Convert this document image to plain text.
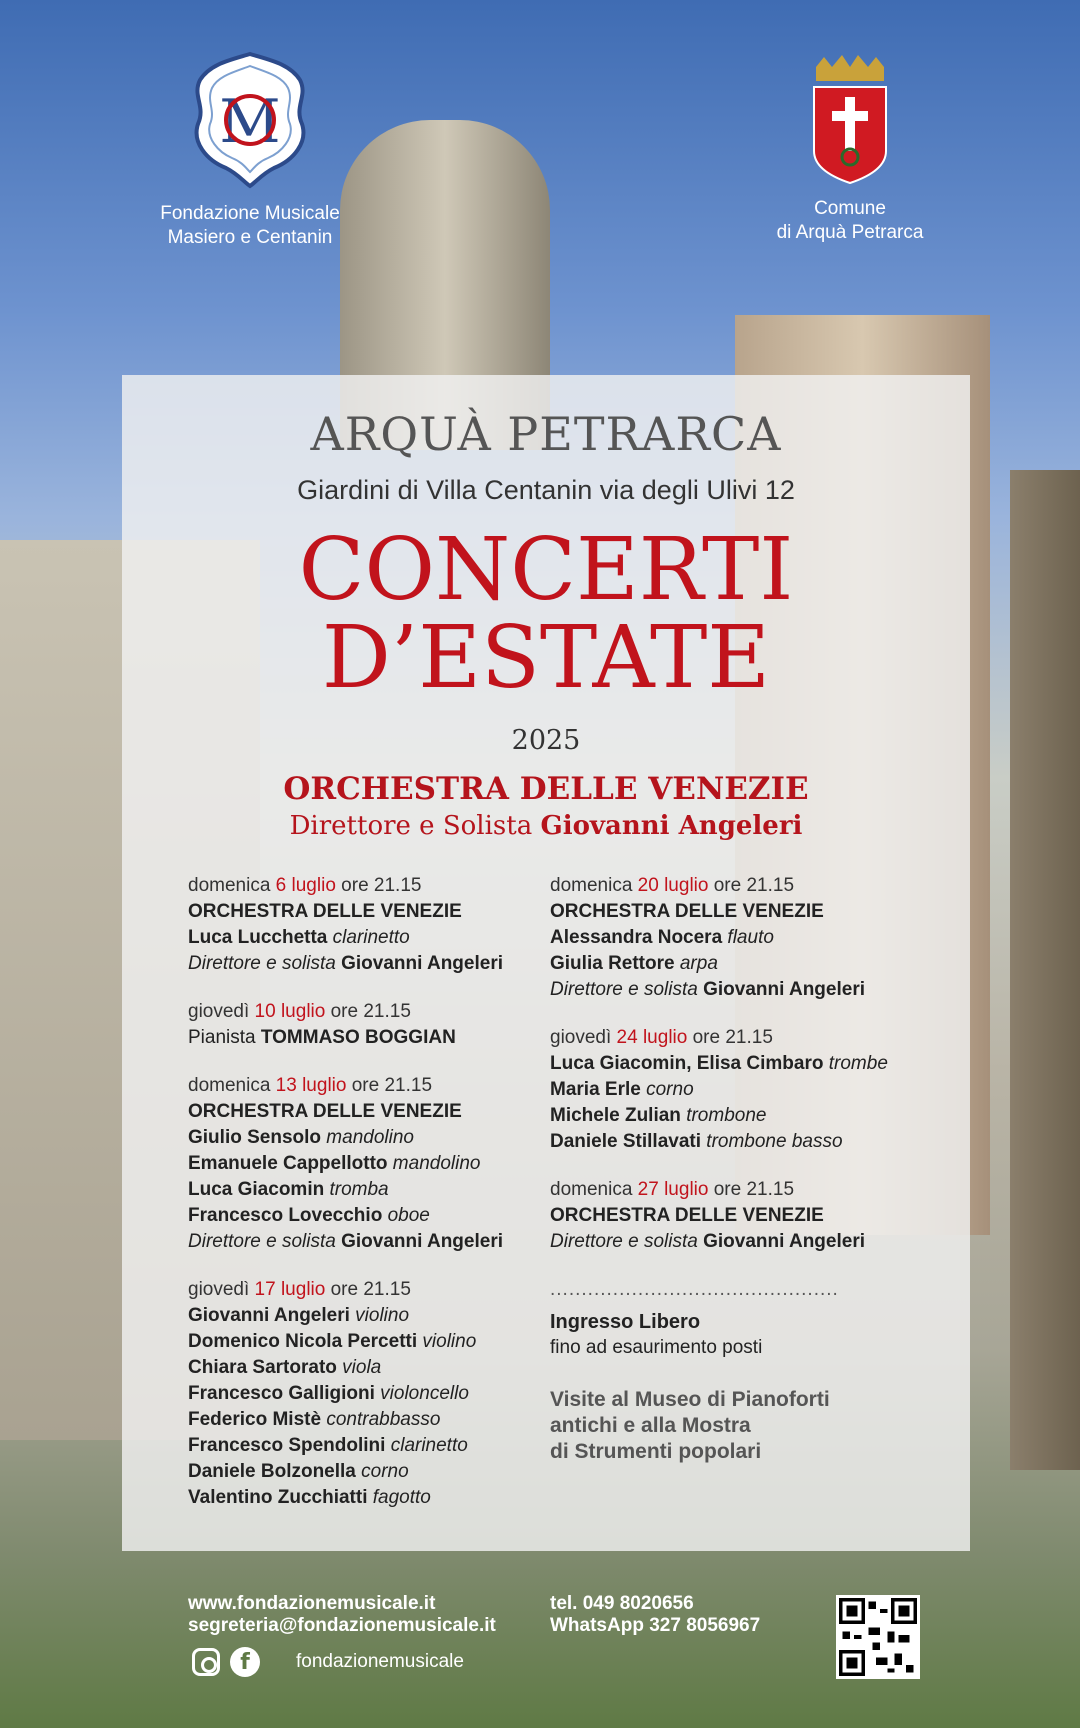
M
Fondazione Musicale
Masiero e Centanin
Comune
di Arquà Petrarca
ARQUÀ PETRARCA
Giardini di Villa Centanin via degli Ulivi 12
CONCERTI
D’ESTATE
2025
ORCHESTRA DELLE VENEZIE
Direttore e Solista Giovanni Angeleri
domenica 6 luglio ore 21.15
ORCHESTRA DELLE VENEZIE
Luca Lucchetta clarinetto
Direttore e solista Giovanni Angeleri
giovedì 10 luglio ore 21.15
Pianista TOMMASO BOGGIAN
domenica 13 luglio ore 21.15
ORCHESTRA DELLE VENEZIE
Giulio Sensolo mandolino
Emanuele Cappellotto mandolino
Luca Giacomin tromba
Francesco Lovecchio oboe
Direttore e solista Giovanni Angeleri
giovedì 17 luglio ore 21.15
Giovanni Angeleri violino
Domenico Nicola Percetti violino
Chiara Sartorato viola
Francesco Galligioni violoncello
Federico Mistè contrabbasso
Francesco Spendolini clarinetto
Daniele Bolzonella corno
Valentino Zucchiatti fagotto
domenica 20 luglio ore 21.15
ORCHESTRA DELLE VENEZIE
Alessandra Nocera flauto
Giulia Rettore arpa
Direttore e solista Giovanni Angeleri
giovedì 24 luglio ore 21.15
Luca Giacomin, Elisa Cimbaro trombe
Maria Erle corno
Michele Zulian trombone
Daniele Stillavati trombone basso
domenica 27 luglio ore 21.15
ORCHESTRA DELLE VENEZIE
Direttore e solista Giovanni Angeleri
..............................................
Ingresso Libero
fino ad esaurimento posti
Visite al Museo di Pianoforti
antichi e alla Mostra
di Strumenti popolari
www.fondazionemusicale.it
segreteria@fondazionemusicale.it
tel. 049 8020656
WhatsApp 327 8056967
f	fondazionemusicale
